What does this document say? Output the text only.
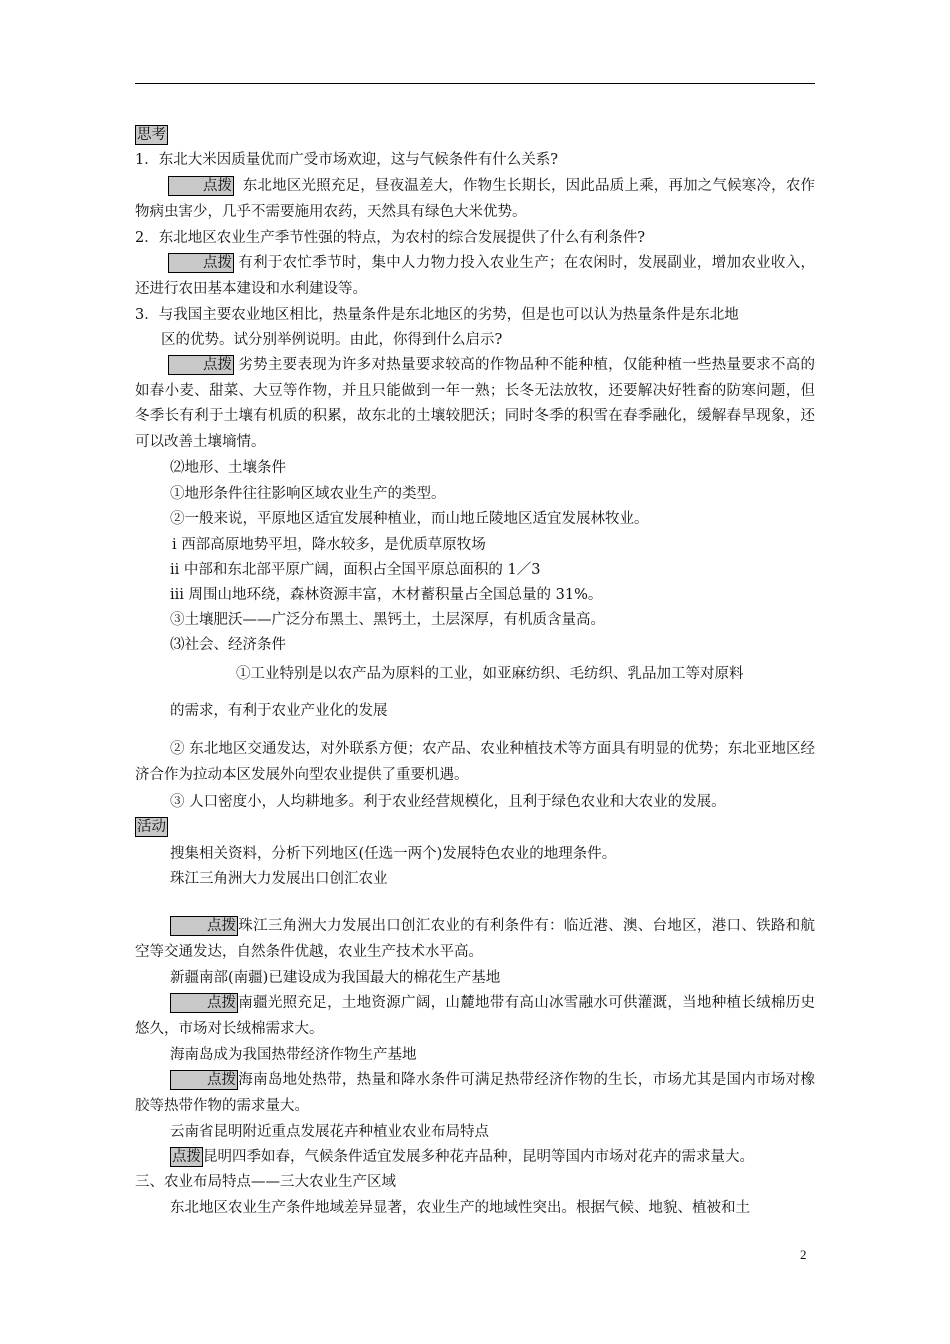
思考
1．东北大米因质量优而广受市场欢迎，这与气候条件有什么关系?
点拨 东北地区光照充足，昼夜温差大，作物生长期长，因此品质上乘，再加之气候寒冷，农作物病虫害少，几乎不需要施用农药，天然具有绿色大米优势。
2．东北地区农业生产季节性强的特点，为农村的综合发展提供了什么有利条件?
点拨 有利于农忙季节时，集中人力物力投入农业生产；在农闲时，发展副业，增加农业收入，还进行农田基本建设和水利建设等。
3．与我国主要农业地区相比，热量条件是东北地区的劣势，但是也可以认为热量条件是东北地
区的优势。试分别举例说明。由此，你得到什么启示?
点拨 劣势主要表现为许多对热量要求较高的作物品种不能种植，仅能种植一些热量要求不高的如春小麦、甜菜、大豆等作物，并且只能做到一年一熟；长冬无法放牧，还要解决好牲畜的防寒问题，但冬季长有利于土壤有机质的积累，故东北的土壤较肥沃；同时冬季的积雪在春季融化，缓解春旱现象，还可以改善土壤墒情。
⑵地形、土壤条件
①地形条件往往影响区域农业生产的类型。
②一般来说，平原地区适宜发展种植业，而山地丘陵地区适宜发展林牧业。
ⅰ 西部高原地势平坦，降水较多，是优质草原牧场
ⅱ 中部和东北部平原广阔，面积占全国平原总面积的 1／3
ⅲ 周围山地环绕，森林资源丰富，木材蓄积量占全国总量的 31%。
③土壤肥沃——广泛分布黑土、黑钙土，土层深厚，有机质含量高。
⑶社会、经济条件
①工业特别是以农产品为原料的工业，如亚麻纺织、毛纺织、乳品加工等对原料
的需求，有利于农业产业化的发展
② 东北地区交通发达，对外联系方便；农产品、农业种植技术等方面具有明显的优势；东北亚地区经济合作为拉动本区发展外向型农业提供了重要机遇。
③ 人口密度小，人均耕地多。利于农业经营规模化，且利于绿色农业和大农业的发展。
活动
搜集相关资料，分析下列地区(任选一两个)发展特色农业的地理条件。
珠江三角洲大力发展出口创汇农业
点拨 珠江三角洲大力发展出口创汇农业的有利条件有：临近港、澳、台地区，港口、铁路和航空等交通发达，自然条件优越，农业生产技术水平高。
新疆南部(南疆)已建设成为我国最大的棉花生产基地
点拨 南疆光照充足，土地资源广阔，山麓地带有高山冰雪融水可供灌溉，当地种植长绒棉历史悠久，市场对长绒棉需求大。
海南岛成为我国热带经济作物生产基地
点拨 海南岛地处热带，热量和降水条件可满足热带经济作物的生长，市场尤其是国内市场对橡胶等热带作物的需求量大。
云南省昆明附近重点发展花卉种植业农业布局特点
点拨 昆明四季如春，气候条件适宜发展多种花卉品种，昆明等国内市场对花卉的需求量大。
三、农业布局特点——三大农业生产区域
东北地区农业生产条件地域差异显著，农业生产的地域性突出。根据气候、地貌、植被和土
2
